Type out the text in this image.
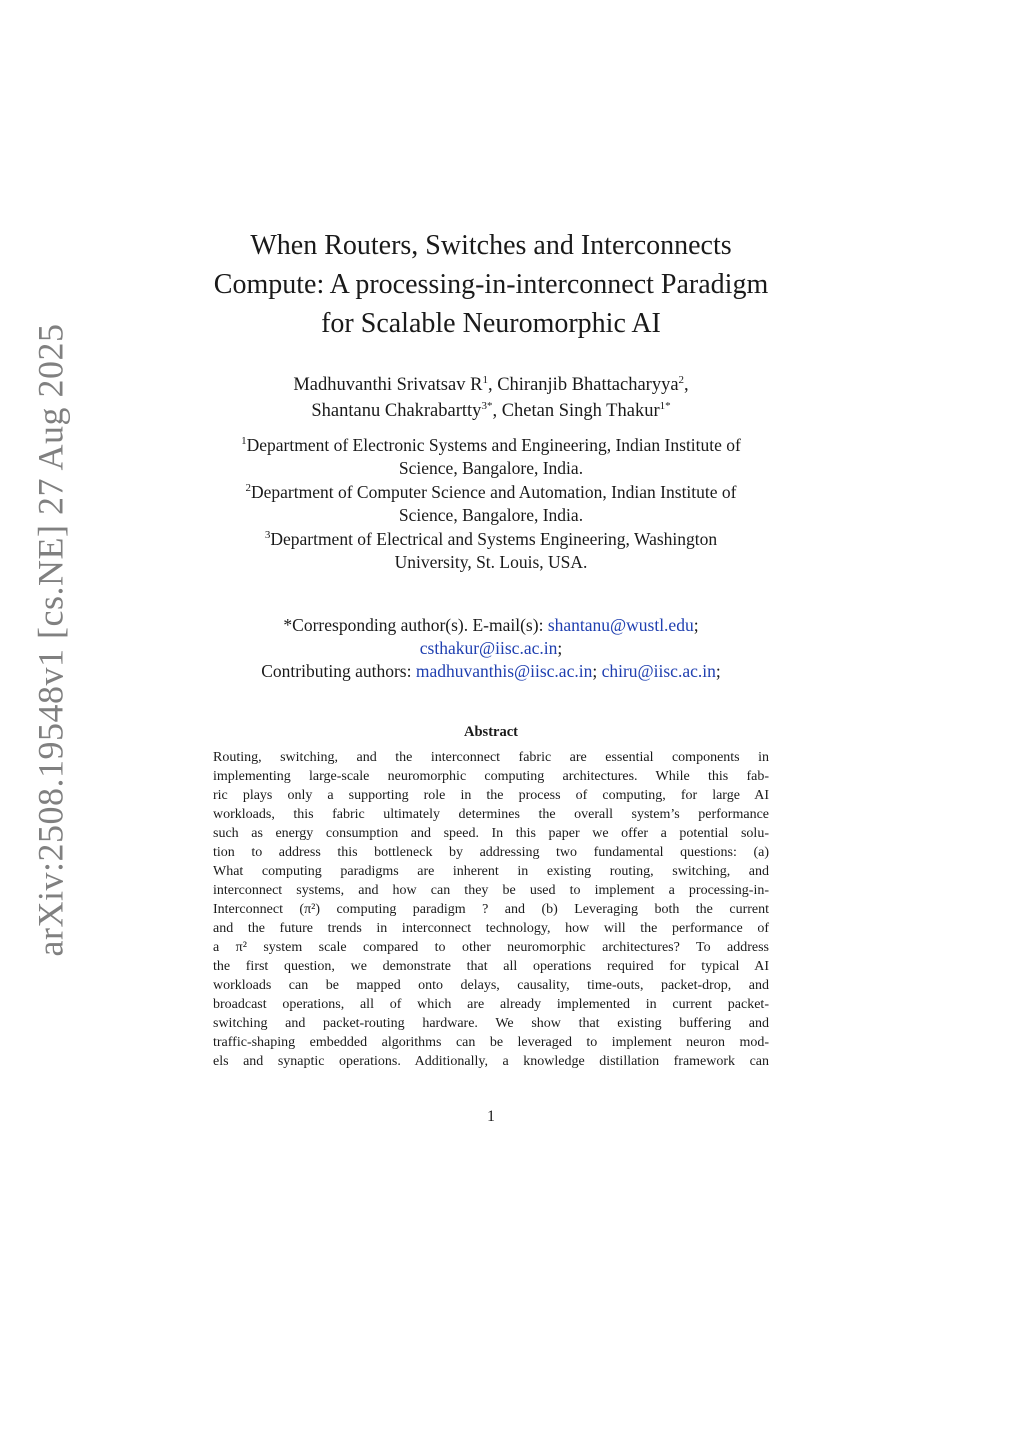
arXiv:2508.19548v1 [cs.NE] 27 Aug 2025
When Routers, Switches and Interconnects
Compute: A processing-in-interconnect Paradigm
for Scalable Neuromorphic AI
Madhuvanthi Srivatsav $R^1$, Chiranjib Bhattacharyya$^2$,
Shantanu Chakrabartty$^{3*}$, Chetan Singh Thakur$^{1*}$
$^1$Department of Electronic Systems and Engineering, Indian Institute of
Science, Bangalore, India.
$^2$Department of Computer Science and Automation, Indian Institute of
Science, Bangalore, India.
$^3$Department of Electrical and Systems Engineering, Washington
University, St. Louis, USA.
*Corresponding author(s). E-mail(s): shantanu@wustl.edu;
csthakur@iisc.ac.in;
Contributing authors: madhuvanthis@iisc.ac.in; chiru@iisc.ac.in;
Abstract
Routing, switching, and the interconnect fabric are essential components in
implementing large-scale neuromorphic computing architectures. While this fab-
ric plays only a supporting role in the process of computing, for large AI
workloads, this fabric ultimately determines the overall system’s performance
such as energy consumption and speed. In this paper we offer a potential solu-
tion to address this bottleneck by addressing two fundamental questions: (a)
What computing paradigms are inherent in existing routing, switching, and
interconnect systems, and how can they be used to implement a processing-in-
Interconnect (π²) computing paradigm ? and (b) Leveraging both the current
and the future trends in interconnect technology, how will the performance of
a π² system scale compared to other neuromorphic architectures? To address
the first question, we demonstrate that all operations required for typical AI
workloads can be mapped onto delays, causality, time-outs, packet-drop, and
broadcast operations, all of which are already implemented in current packet-
switching and packet-routing hardware. We show that existing buffering and
traffic-shaping embedded algorithms can be leveraged to implement neuron mod-
els and synaptic operations. Additionally, a knowledge distillation framework can
1
